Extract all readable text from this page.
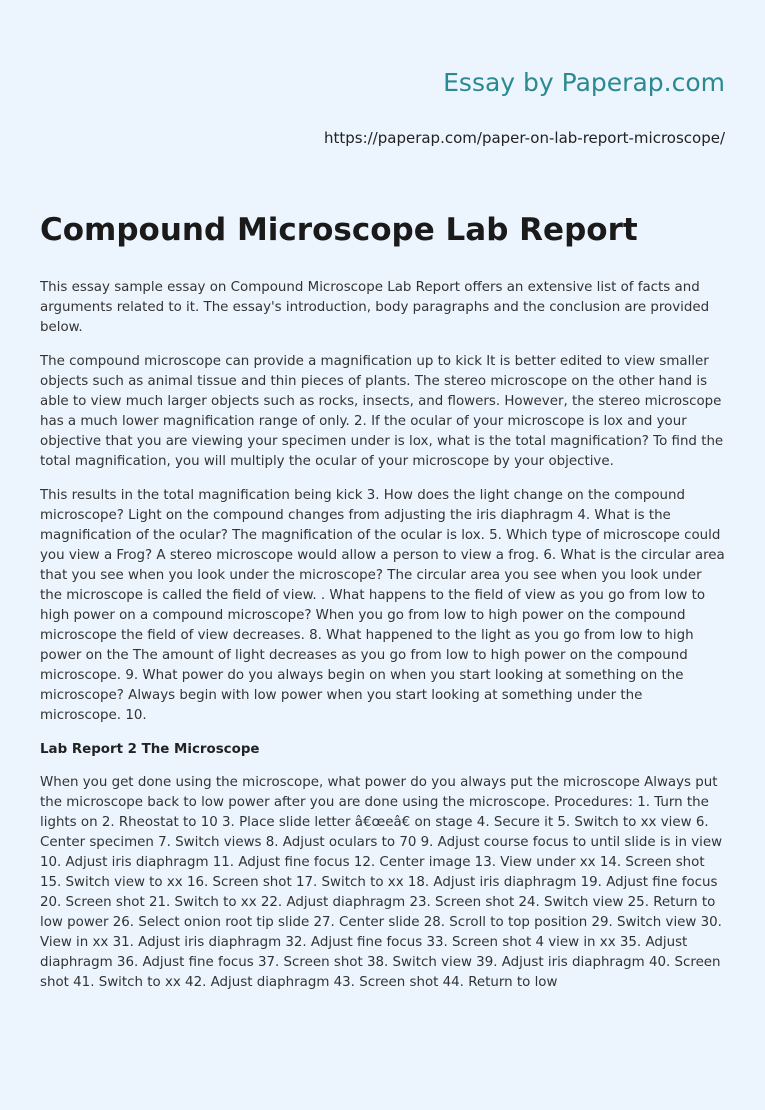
Essay by Paperap.com
https://paperap.com/paper-on-lab-report-microscope/
Compound Microscope Lab Report

This essay sample essay on Compound Microscope Lab Report offers an extensive list of facts and arguments related to it. The essay's introduction, body paragraphs and the conclusion are provided below.

The compound microscope can provide a magnification up to kick It is better edited to view smaller objects such as animal tissue and thin pieces of plants. The stereo microscope on the other hand is able to view much larger objects such as rocks, insects, and flowers. However, the stereo microscope has a much lower magnification range of only. 2. If the ocular of your microscope is lox and your objective that you are viewing your specimen under is lox, what is the total magnification? To find the total magnification, you will multiply the ocular of your microscope by your objective.

This results in the total magnification being kick 3. How does the light change on the compound microscope? Light on the compound changes from adjusting the iris diaphragm 4. What is the magnification of the ocular? The magnification of the ocular is lox. 5. Which type of microscope could you view a Frog? A stereo microscope would allow a person to view a frog. 6. What is the circular area that you see when you look under the microscope? The circular area you see when you look under the microscope is called the field of view. . What happens to the field of view as you go from low to high power on a compound microscope? When you go from low to high power on the compound microscope the field of view decreases. 8. What happened to the light as you go from low to high power on the The amount of light decreases as you go from low to high power on the compound microscope. 9. What power do you always begin on when you start looking at something on the microscope? Always begin with low power when you start looking at something under the microscope. 10.

Lab Report 2 The Microscope

When you get done using the microscope, what power do you always put the microscope Always put the microscope back to low power after you are done using the microscope. Procedures: 1. Turn the lights on 2. Rheostat to 10 3. Place slide letter â€œeâ€ on stage 4. Secure it 5. Switch to xx view 6. Center specimen 7. Switch views 8. Adjust oculars to 70 9. Adjust course focus to until slide is in view 10. Adjust iris diaphragm 11. Adjust fine focus 12. Center image 13. View under xx 14. Screen shot 15. Switch view to xx 16. Screen shot 17. Switch to xx 18. Adjust iris diaphragm 19. Adjust fine focus 20. Screen shot 21. Switch to xx 22. Adjust diaphragm 23. Screen shot 24. Switch view 25. Return to low power 26. Select onion root tip slide 27. Center slide 28. Scroll to top position 29. Switch view 30. View in xx 31. Adjust iris diaphragm 32. Adjust fine focus 33. Screen shot 4 view in xx 35. Adjust diaphragm 36. Adjust fine focus 37. Screen shot 38. Switch view 39. Adjust iris diaphragm 40. Screen shot 41. Switch to xx 42. Adjust diaphragm 43. Screen shot 44. Return to low
